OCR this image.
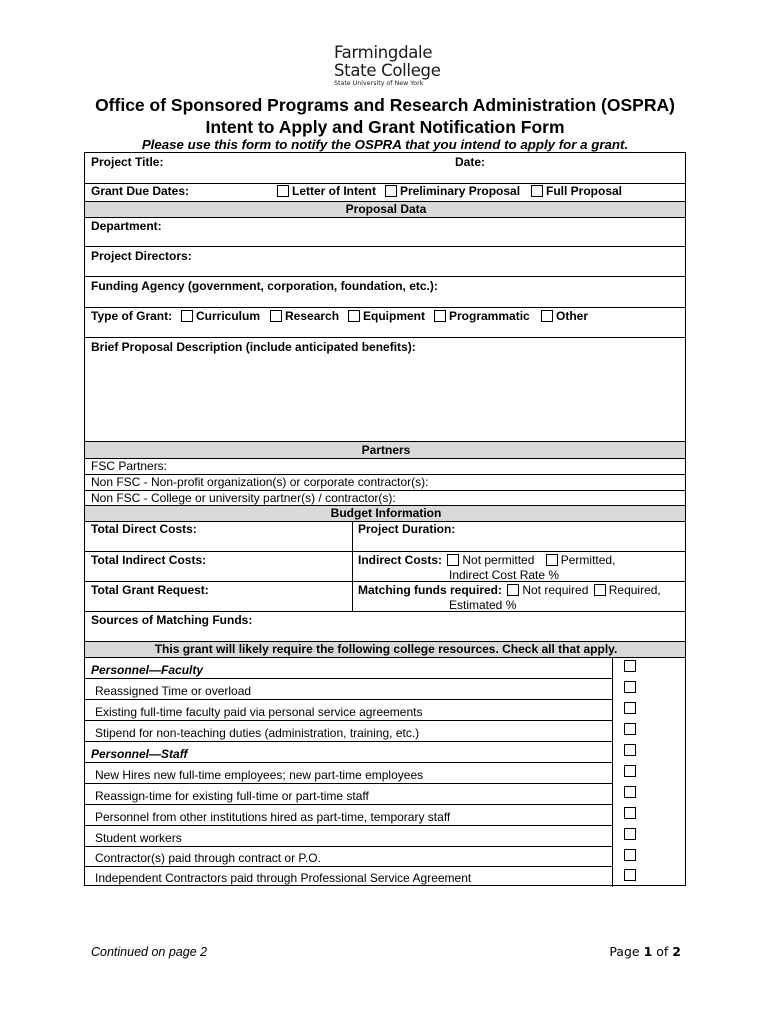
Farmingdale
State College
State University of New York
Office of Sponsored Programs and Research Administration (OSPRA)
Intent to Apply and Grant Notification Form
Please use this form to notify the OSPRA that you intend to apply for a grant.
Project Title:	Date:
Grant Due Dates:	Letter of Intent	Preliminary Proposal	Full Proposal
Proposal Data
Department:
Project Directors:
Funding Agency (government, corporation, foundation, etc.):
Type of Grant:	Curriculum	Research	Equipment	Programmatic	Other
Brief Proposal Description (include anticipated benefits):
Partners
FSC Partners:
Non FSC - Non-profit organization(s) or corporate contractor(s):
Non FSC - College or university partner(s) / contractor(s):
Budget Information
Total Direct Costs:	Project Duration:
Total Indirect Costs:	Indirect Costs: Not permitted Permitted,
Indirect Cost Rate %
Total Grant Request:	Matching funds required: Not required Required,
Estimated %
Sources of Matching Funds:
This grant will likely require the following college resources. Check all that apply.
Personnel—Faculty
Reassigned Time or overload
Existing full-time faculty paid via personal service agreements
Stipend for non-teaching duties (administration, training, etc.)
Personnel—Staff
New Hires new full-time employees; new part-time employees
Reassign-time for existing full-time or part-time staff
Personnel from other institutions hired as part-time, temporary staff
Student workers
Contractor(s) paid through contract or P.O.
Independent Contractors paid through Professional Service Agreement
Continued on page 2	Page 1 of 2
